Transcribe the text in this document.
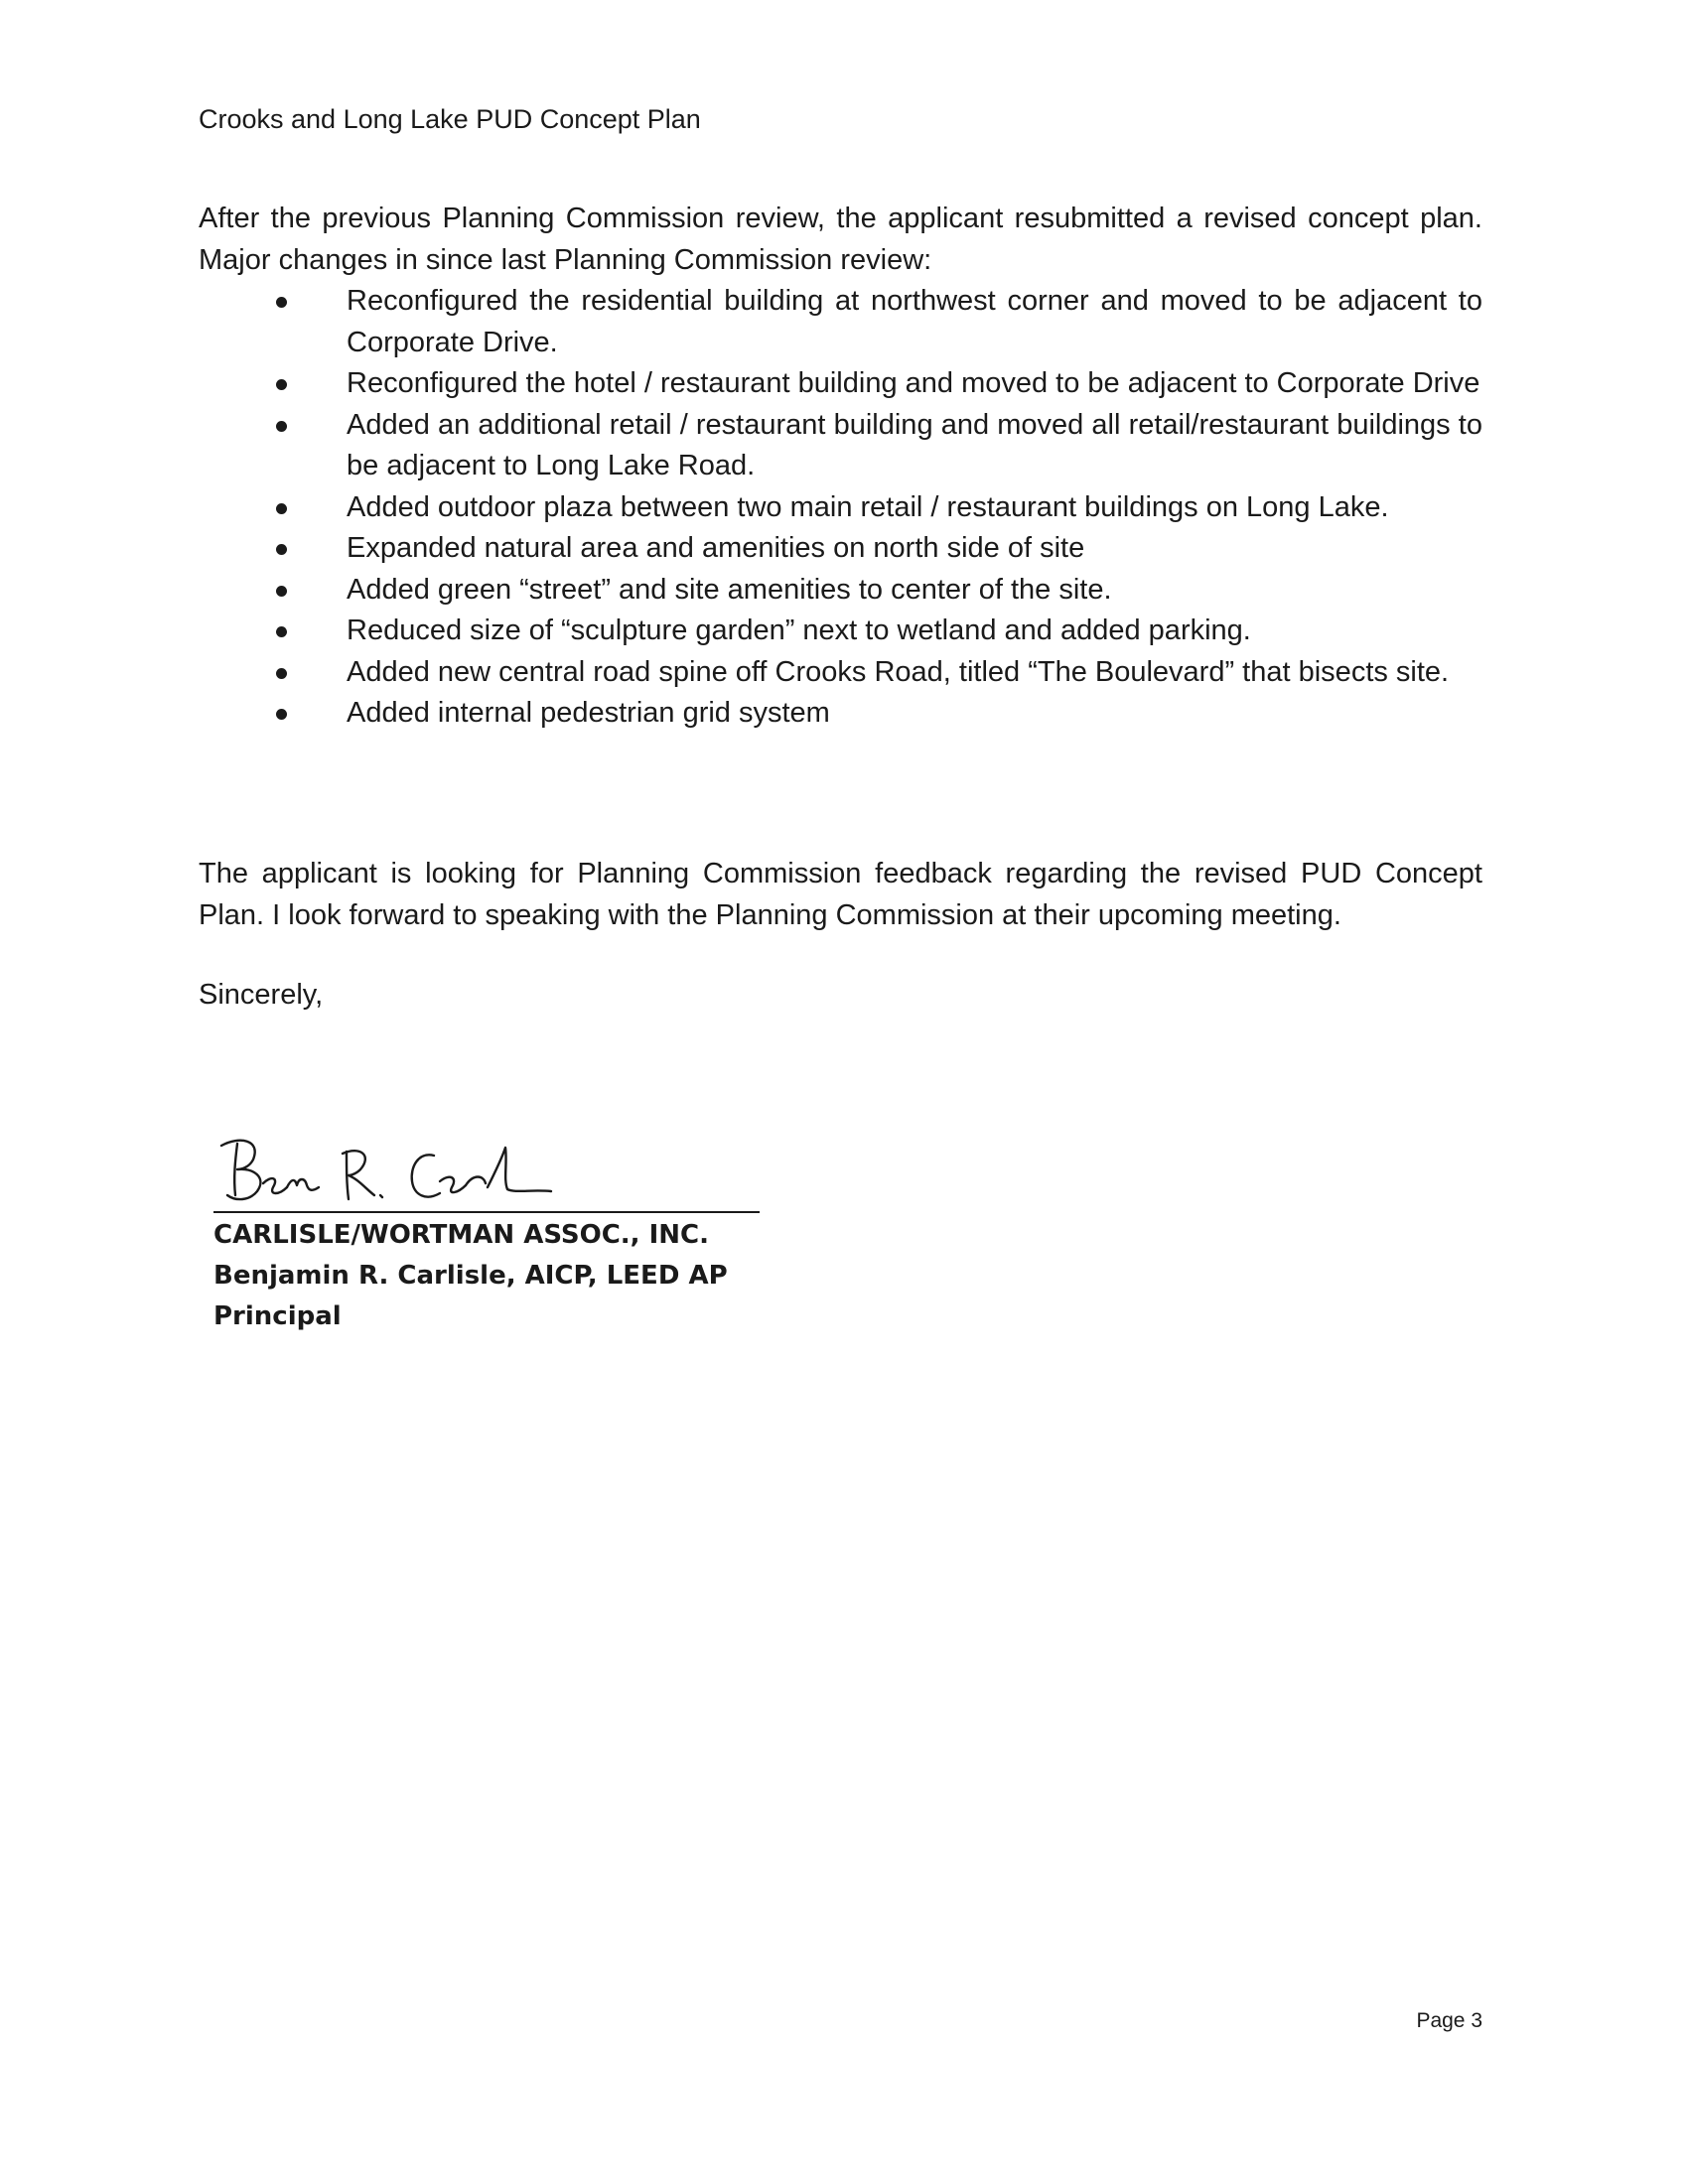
Crooks and Long Lake PUD Concept Plan

After the previous Planning Commission review, the applicant resubmitted a revised concept plan. Major changes in since last Planning Commission review:

Reconfigured the residential building at northwest corner and moved to be adjacent to Corporate Drive.
Reconfigured the hotel / restaurant building and moved to be adjacent to Corporate Drive
Added an additional retail / restaurant building and moved all retail/restaurant buildings to be adjacent to Long Lake Road.
Added outdoor plaza between two main retail / restaurant buildings on Long Lake.
Expanded natural area and amenities on north side of site
Added green “street” and site amenities to center of the site.
Reduced size of “sculpture garden” next to wetland and added parking.
Added new central road spine off Crooks Road, titled “The Boulevard” that bisects site.
Added internal pedestrian grid system

The applicant is looking for Planning Commission feedback regarding the revised PUD Concept Plan. I look forward to speaking with the Planning Commission at their upcoming meeting.

Sincerely,

CARLISLE/WORTMAN ASSOC., INC.
Benjamin R. Carlisle, AICP, LEED AP
Principal
Page 3
